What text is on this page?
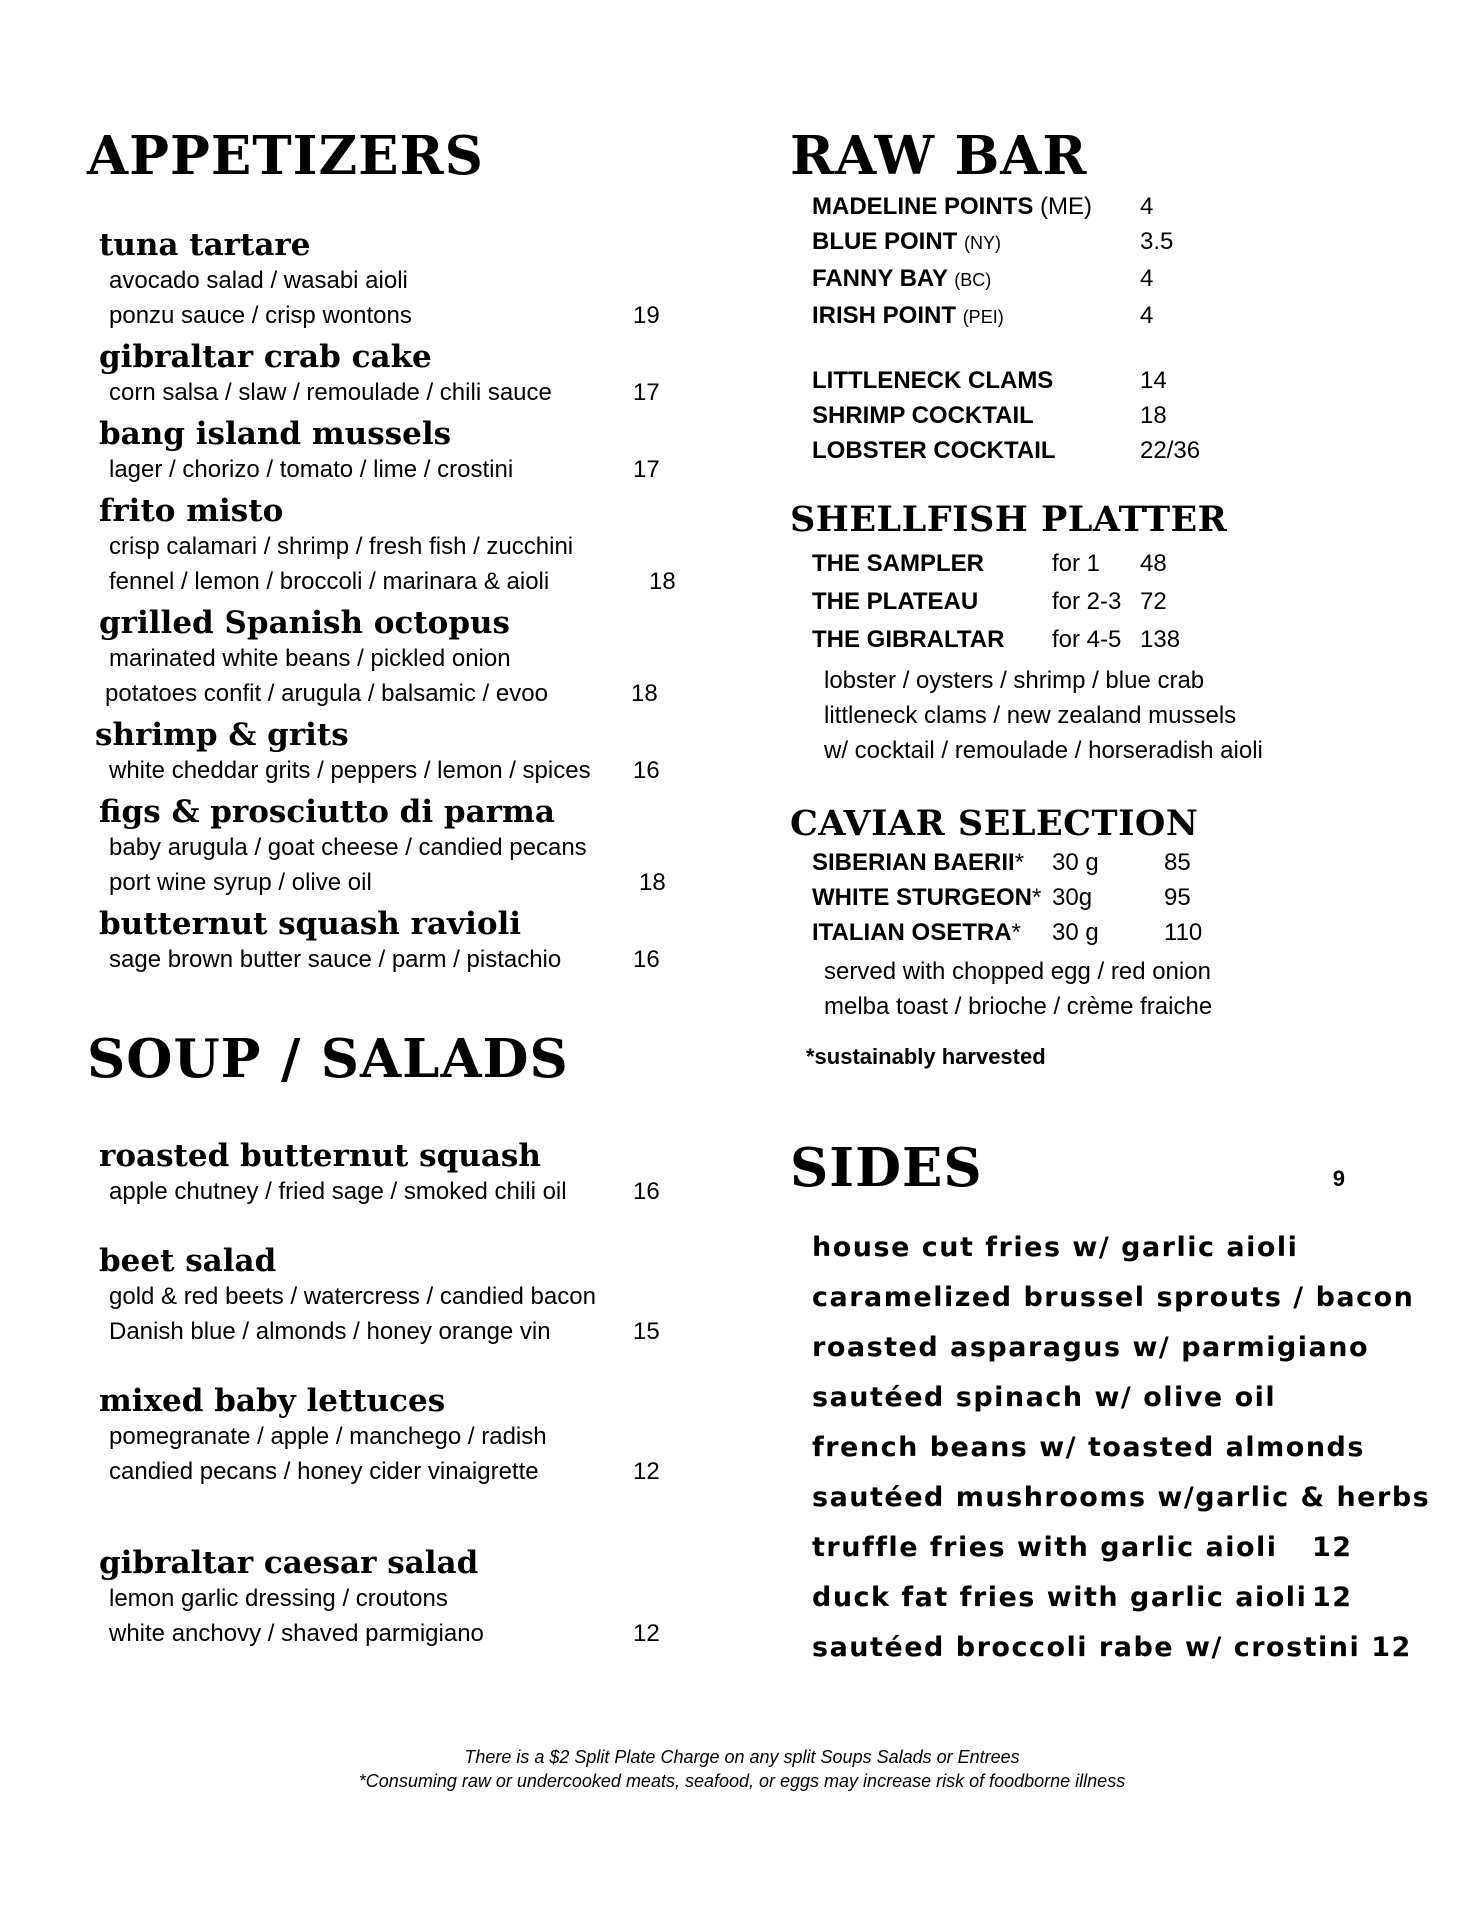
APPETIZERS
tuna tartare
avocado salad / wasabi aioli
ponzu sauce / crisp wontons	19
gibraltar crab cake
corn salsa / slaw / remoulade / chili sauce	17
bang island mussels
lager / chorizo / tomato / lime / crostini	17
frito misto
crisp calamari / shrimp / fresh fish / zucchini
fennel / lemon / broccoli / marinara & aioli	18
grilled Spanish octopus
marinated white beans / pickled onion
potatoes confit / arugula / balsamic / evoo	18
shrimp & grits
white cheddar grits / peppers / lemon / spices 16
figs & prosciutto di parma
baby arugula / goat cheese / candied pecans
port wine syrup / olive oil	18
butternut squash ravioli
sage brown butter sauce / parm / pistachio	16
SOUP / SALADS
roasted butternut squash
apple chutney / fried sage / smoked chili oil	16
beet salad
gold & red beets / watercress / candied bacon
Danish blue / almonds / honey orange vin	15
mixed baby lettuces
pomegranate / apple / manchego / radish
candied pecans / honey cider vinaigrette	12
gibraltar caesar salad
lemon garlic dressing / croutons
white anchovy / shaved parmigiano	12
RAW BAR
MADELINE POINTS (ME)	4
BLUE POINT (NY)	3.5
FANNY BAY (BC)	4
IRISH POINT (PEI)	4
LITTLENECK CLAMS	14
SHRIMP COCKTAIL	18
LOBSTER COCKTAIL	22/36
SHELLFISH PLATTER
THE SAMPLER	for 1	48
THE PLATEAU	for 2-3 72
THE GIBRALTAR	for 4-5 138
lobster / oysters / shrimp / blue crab
littleneck clams / new zealand mussels
w/ cocktail / remoulade / horseradish aioli
CAVIAR SELECTION
SIBERIAN BAERII*	30 g	85
WHITE STURGEON* 30g	95
ITALIAN OSETRA*	30 g	110
served with chopped egg / red onion
melba toast / brioche / crème fraiche
*sustainably harvested
SIDES	9
house cut fries w/ garlic aioli
caramelized brussel sprouts / bacon
roasted asparagus w/ parmigiano
sautéed spinach w/ olive oil
french beans w/ toasted almonds
sautéed mushrooms w/garlic & herbs
truffle fries with garlic aioli 12
duck fat fries with garlic aioli 12
sautéed broccoli rabe w/ crostini 12
There is a $2 Split Plate Charge on any split Soups Salads or Entrees
*Consuming raw or undercooked meats, seafood, or eggs may increase risk of foodborne illness
